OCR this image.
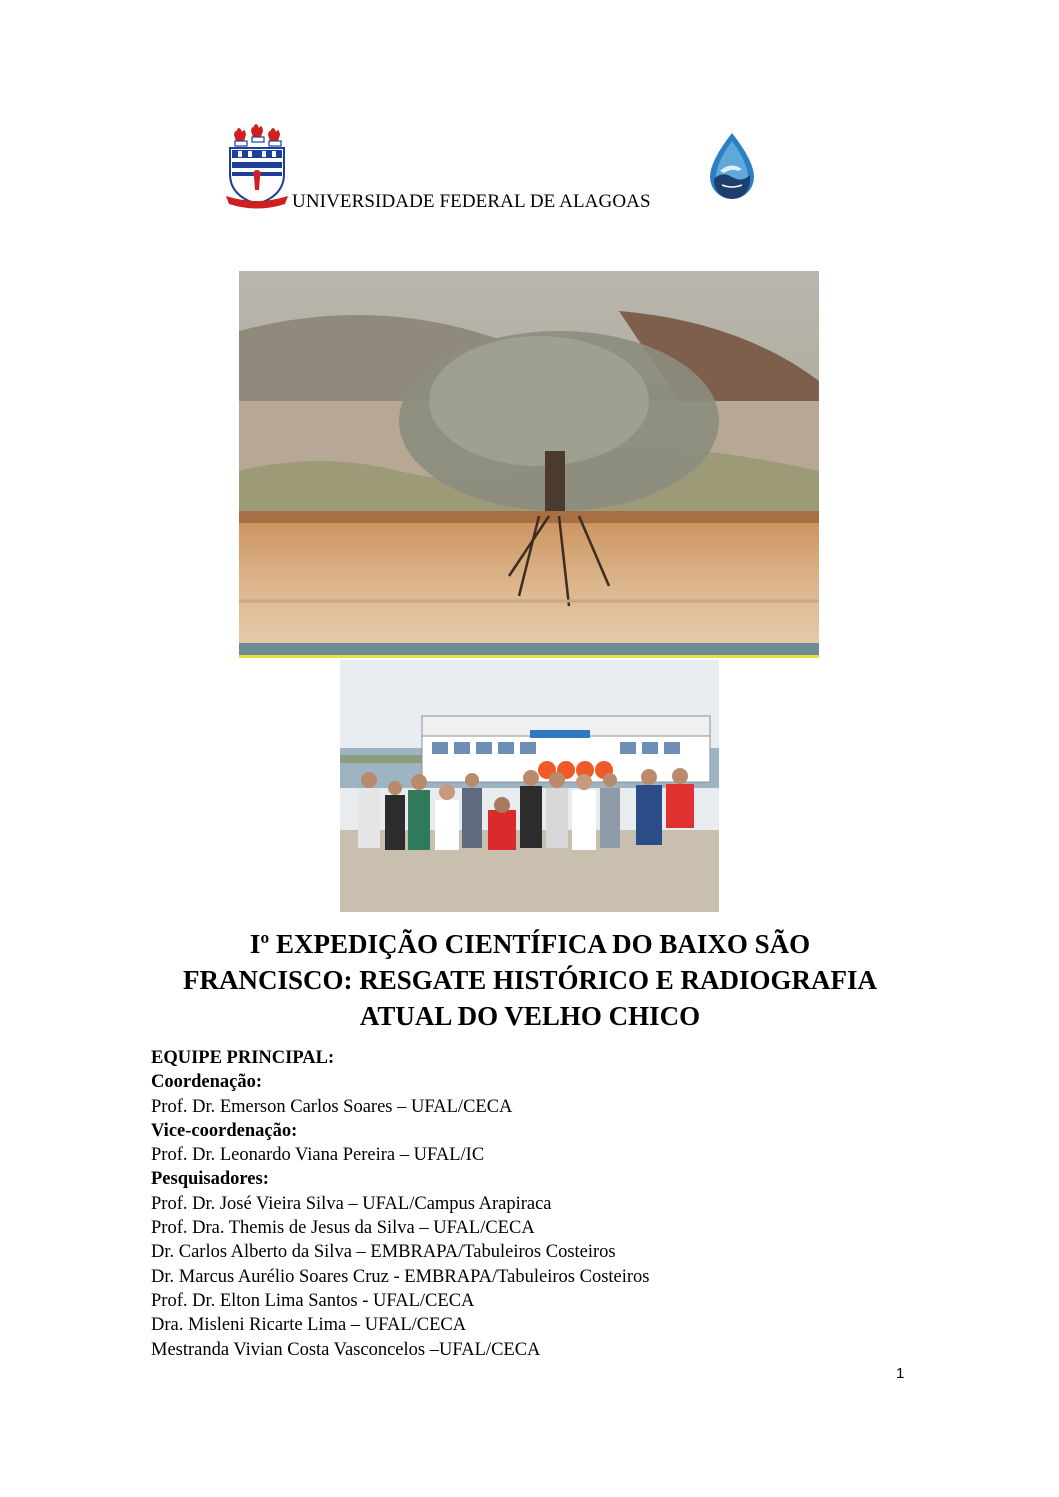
UNIVERSIDADE FEDERAL DE ALAGOAS
Iº EXPEDIÇÃO CIENTÍFICA DO BAIXO SÃO
FRANCISCO: RESGATE HISTÓRICO E RADIOGRAFIA
ATUAL DO VELHO CHICO
EQUIPE PRINCIPAL:
Coordenação:
Prof. Dr. Emerson Carlos Soares – UFAL/CECA
Vice-coordenação:
Prof. Dr. Leonardo Viana Pereira – UFAL/IC
Pesquisadores:
Prof. Dr. José Vieira Silva – UFAL/Campus Arapiraca
Prof. Dra. Themis de Jesus da Silva – UFAL/CECA
Dr. Carlos Alberto da Silva – EMBRAPA/Tabuleiros Costeiros
Dr. Marcus Aurélio Soares Cruz - EMBRAPA/Tabuleiros Costeiros
Prof. Dr. Elton Lima Santos - UFAL/CECA
Dra. Misleni Ricarte Lima – UFAL/CECA
Mestranda Vivian Costa Vasconcelos –UFAL/CECA
1
